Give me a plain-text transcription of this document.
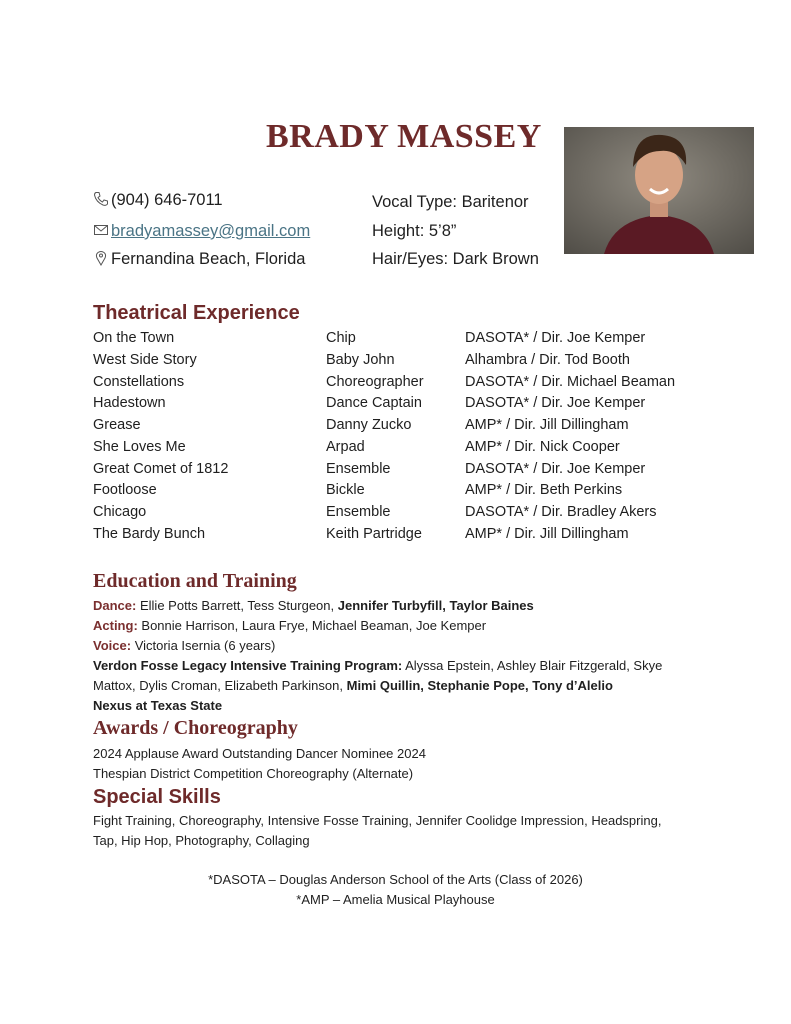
BRADY MASSEY
(904) 646-7011
bradyamassey@gmail.com
Fernandina Beach, Florida
Vocal Type: Baritenor
Height: 5’8”
Hair/Eyes: Dark Brown
Theatrical Experience
On the Town	Chip	DASOTA* / Dir. Joe Kemper
West Side Story	Baby John	Alhambra / Dir. Tod Booth
Constellations	Choreographer	DASOTA* / Dir. Michael Beaman
Hadestown	Dance Captain	DASOTA* / Dir. Joe Kemper
Grease	Danny Zucko	AMP* / Dir. Jill Dillingham
She Loves Me	Arpad	AMP* / Dir. Nick Cooper
Great Comet of 1812	Ensemble	DASOTA* / Dir. Joe Kemper
Footloose	Bickle	AMP* / Dir. Beth Perkins
Chicago	Ensemble	DASOTA* / Dir. Bradley Akers
The Bardy Bunch	Keith Partridge	AMP* / Dir. Jill Dillingham
Education and Training
Dance: Ellie Potts Barrett, Tess Sturgeon, Jennifer Turbyfill, Taylor Baines
Acting: Bonnie Harrison, Laura Frye, Michael Beaman, Joe Kemper
Voice: Victoria Isernia (6 years)
Verdon Fosse Legacy Intensive Training Program: Alyssa Epstein, Ashley Blair Fitzgerald, Skye
Mattox, Dylis Croman, Elizabeth Parkinson, Mimi Quillin, Stephanie Pope, Tony d’Alelio
Nexus at Texas State
Awards / Choreography
2024 Applause Award Outstanding Dancer Nominee 2024
Thespian District Competition Choreography (Alternate)
Special Skills
Fight Training, Choreography, Intensive Fosse Training, Jennifer Coolidge Impression, Headspring,
Tap, Hip Hop, Photography, Collaging
*DASOTA – Douglas Anderson School of the Arts (Class of 2026)
*AMP – Amelia Musical Playhouse
